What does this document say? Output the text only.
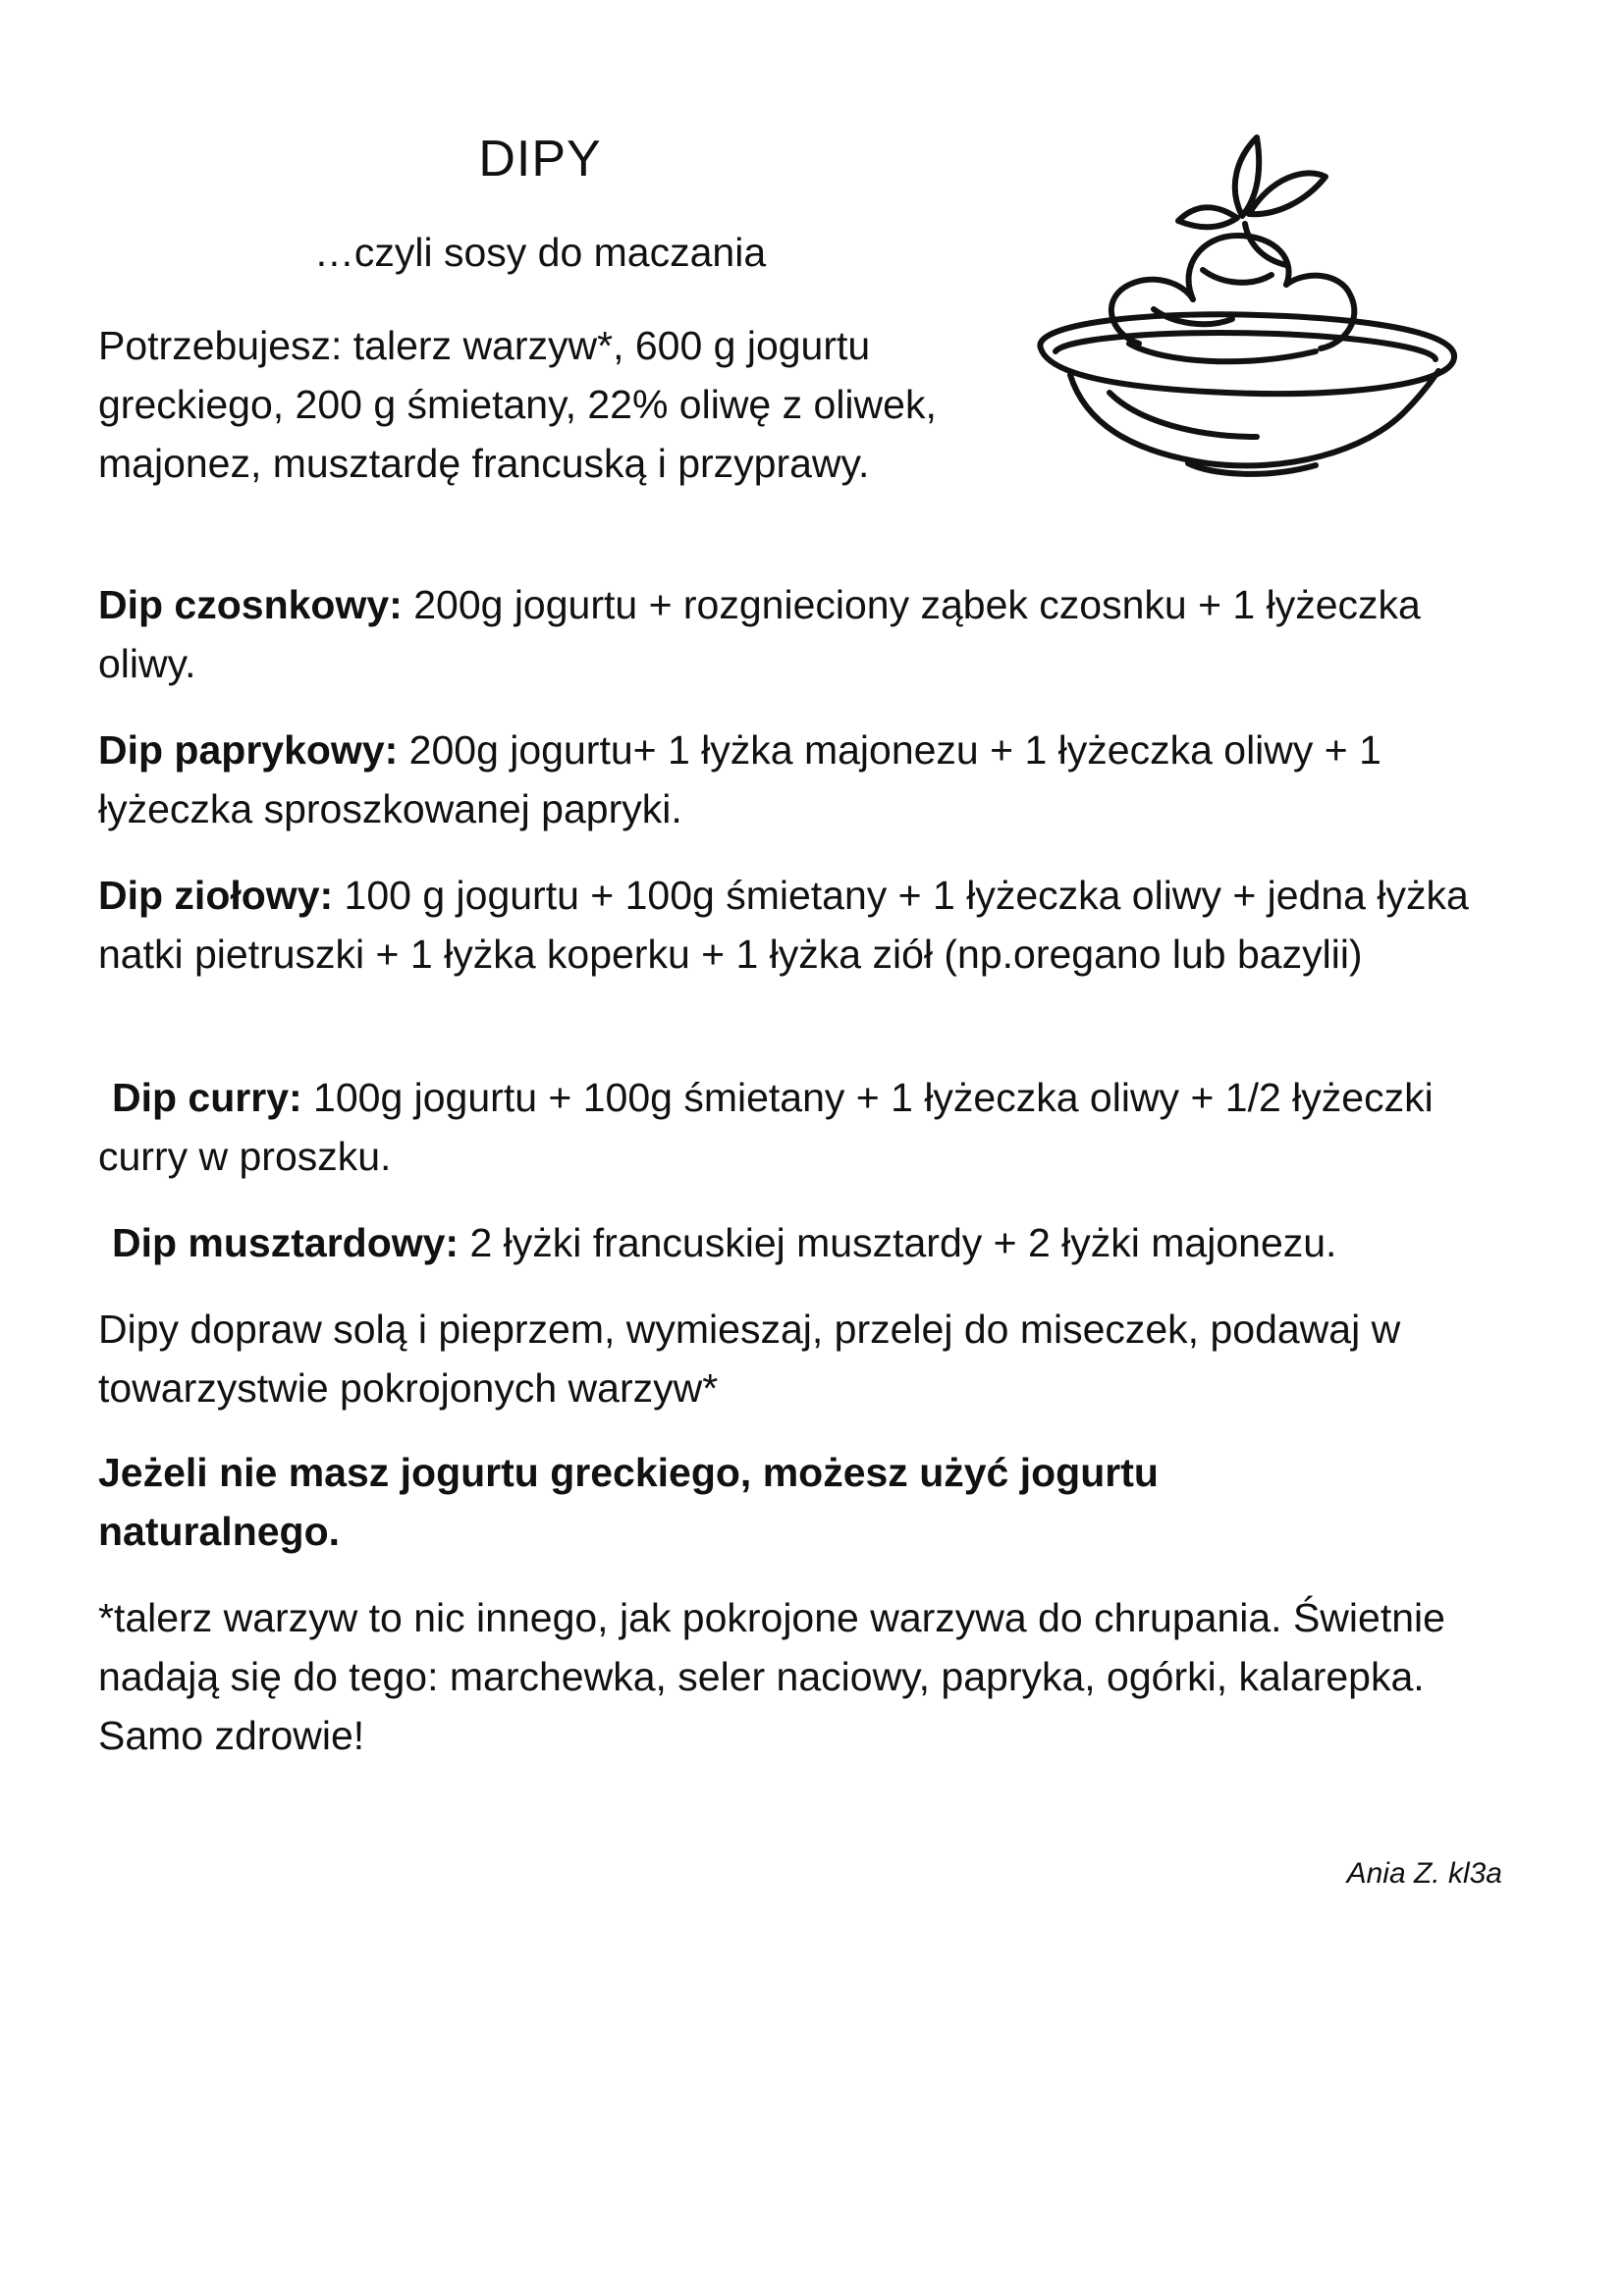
DIPY

…czyli sosy do maczania

Potrzebujesz: talerz warzyw*, 600 g jogurtu greckiego, 200 g śmietany, 22% oliwę z oliwek, majonez, musztardę francuską i przyprawy.

Dip czosnkowy: 200g jogurtu + rozgnieciony ząbek czosnku + 1 łyżeczka oliwy.

Dip paprykowy: 200g jogurtu+ 1 łyżka majonezu + 1 łyżeczka oliwy + 1 łyżeczka sproszkowanej papryki.

Dip ziołowy: 100 g jogurtu + 100g śmietany + 1 łyżeczka oliwy + jedna łyżka natki pietruszki + 1 łyżka koperku + 1 łyżka ziół (np.oregano lub bazylii)

Dip curry: 100g jogurtu + 100g śmietany + 1 łyżeczka oliwy + 1/2 łyżeczki curry w proszku.

Dip musztardowy: 2 łyżki francuskiej musztardy + 2 łyżki majonezu.

Dipy dopraw solą i pieprzem, wymieszaj, przelej do miseczek, podawaj w towarzystwie pokrojonych warzyw*

Jeżeli nie masz jogurtu greckiego, możesz użyć jogurtu naturalnego.

*talerz warzyw to nic innego, jak pokrojone warzywa do chrupania. Świetnie nadają się do tego: marchewka, seler naciowy, papryka, ogórki, kalarepka. Samo zdrowie!

Ania Z. kl3a
